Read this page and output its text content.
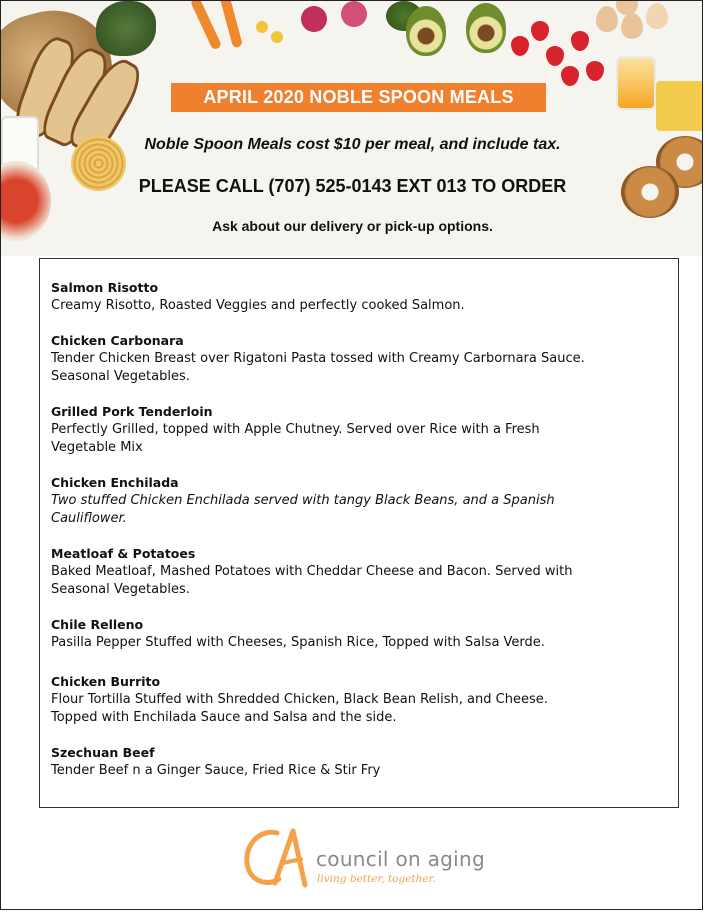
APRIL 2020 NOBLE SPOON MEALS
Noble Spoon Meals cost $10 per meal, and include tax.
PLEASE CALL (707) 525-0143 EXT 013 TO ORDER
Ask about our delivery or pick-up options.
Salmon Risotto
Creamy Risotto, Roasted Veggies and perfectly cooked Salmon.
Chicken Carbonara
Tender Chicken Breast over Rigatoni Pasta tossed with Creamy Carbornara Sauce.
Seasonal Vegetables.
Grilled Pork Tenderloin
Perfectly Grilled, topped with Apple Chutney. Served over Rice with a Fresh
Vegetable Mix
Chicken Enchilada
Two stuffed Chicken Enchilada served with tangy Black Beans, and a Spanish
Cauliflower.
Meatloaf & Potatoes
Baked Meatloaf, Mashed Potatoes with Cheddar Cheese and Bacon. Served with
Seasonal Vegetables.
Chile Relleno
Pasilla Pepper Stuffed with Cheeses, Spanish Rice, Topped with Salsa Verde.
Chicken Burrito
Flour Tortilla Stuffed with Shredded Chicken, Black Bean Relish, and Cheese.
Topped with Enchilada Sauce and Salsa and the side.
Szechuan Beef
Tender Beef n a Ginger Sauce, Fried Rice & Stir Fry
council on aging
living better, together.
